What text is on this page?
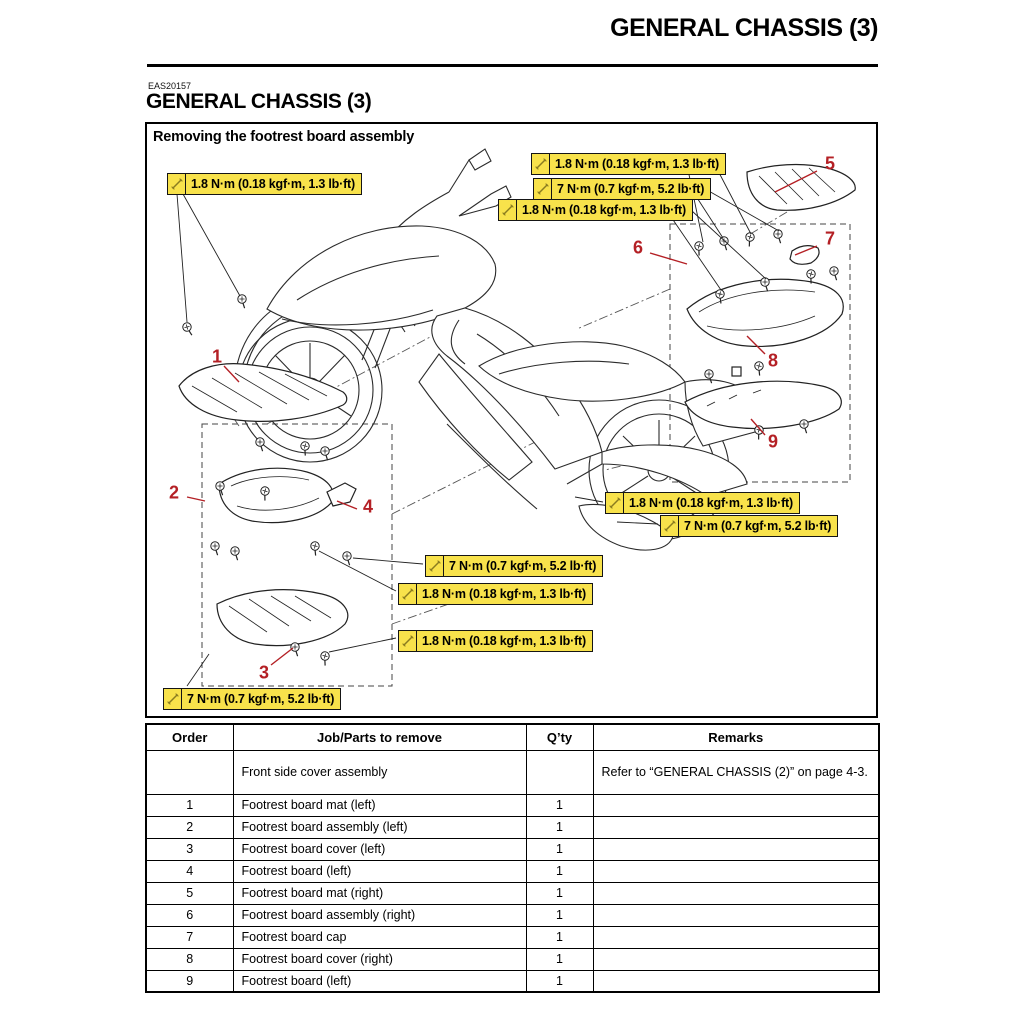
GENERAL CHASSIS (3)
EAS20157
GENERAL CHASSIS (3)
Removing the footrest board assembly
1.8 N·m (0.18 kgf·m, 1.3 lb·ft)
1.8 N·m (0.18 kgf·m, 1.3 lb·ft)
7 N·m (0.7 kgf·m, 5.2 lb·ft)
1.8 N·m (0.18 kgf·m, 1.3 lb·ft)
1.8 N·m (0.18 kgf·m, 1.3 lb·ft)
7 N·m (0.7 kgf·m, 5.2 lb·ft)
7 N·m (0.7 kgf·m, 5.2 lb·ft)
1.8 N·m (0.18 kgf·m, 1.3 lb·ft)
1.8 N·m (0.18 kgf·m, 1.3 lb·ft)
7 N·m (0.7 kgf·m, 5.2 lb·ft)
1
2
3
4
5
6	7
8
9
Order	Job/Parts to remove	Q’ty	Remarks
	Front side cover assembly		Refer to “GENERAL CHASSIS (2)” on page 4-3.
1	Footrest board mat (left)	1	
2	Footrest board assembly (left)	1	
3	Footrest board cover (left)	1	
4	Footrest board (left)	1	
5	Footrest board mat (right)	1	
6	Footrest board assembly (right)	1	
7	Footrest board cap	1	
8	Footrest board cover (right)	1	
9	Footrest board (left)	1	
